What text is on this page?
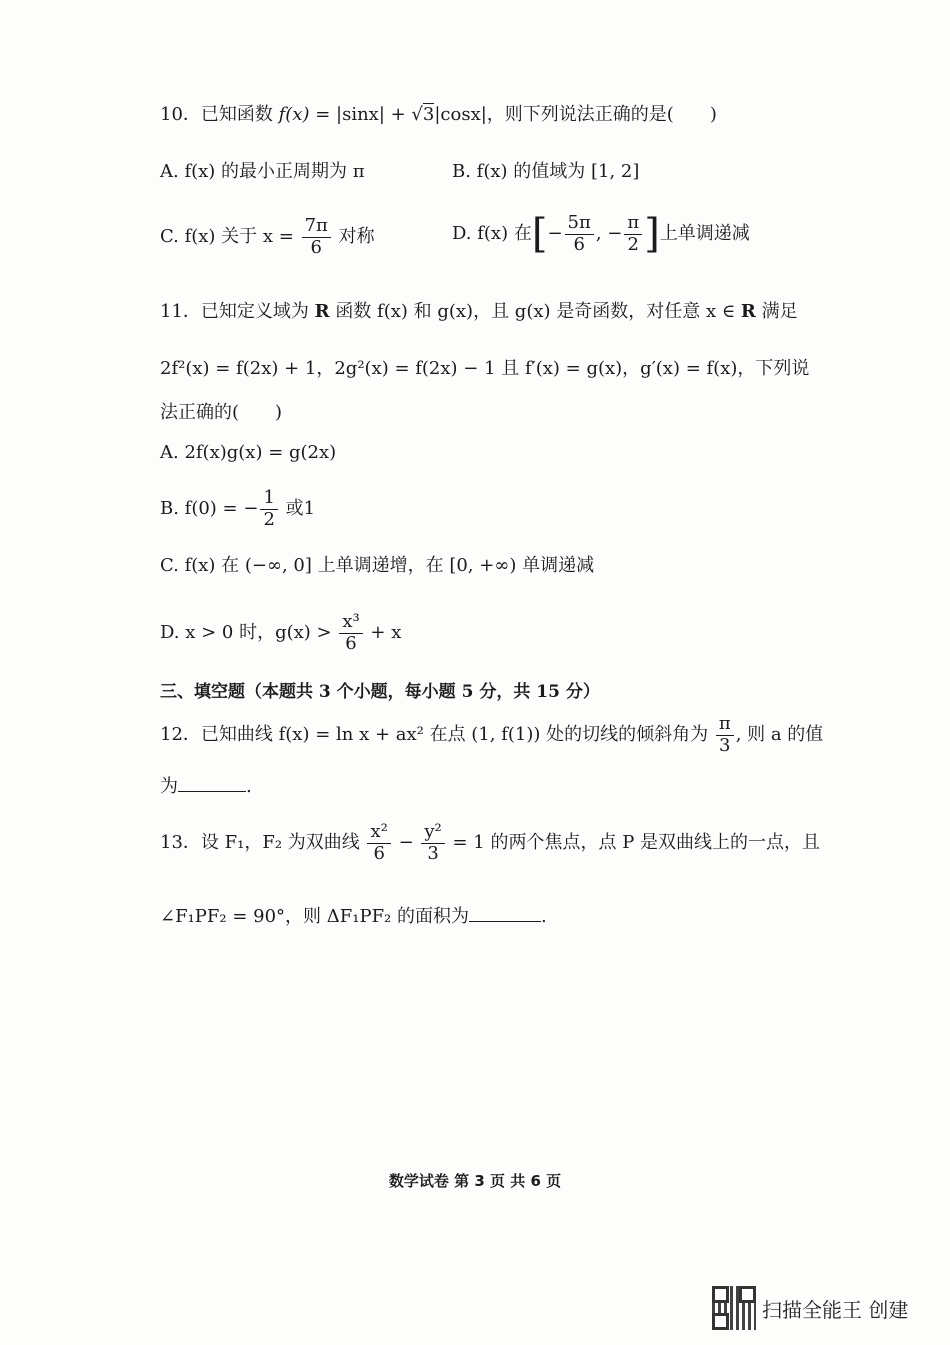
10．已知函数 f(x) = |sinx| + √3|cosx|，则下列说法正确的是(　　)
A. f(x) 的最小正周期为 π	B. f(x) 的值域为 [1, 2]
C. f(x) 关于 $x = \frac{7\pi}{6}$ 对称	D. f(x) 在[− $\frac{5\pi}{6}$ , − $\frac{\pi}{2}$ ]上单调递减
11．已知定义域为 R 函数 f(x) 和 g(x)，且 g(x) 是奇函数，对任意 x ∈ R 满足
2f²(x) = f(2x) + 1，2g²(x) = f(2x) − 1 且 f′(x) = g(x)，g′(x) = f(x)，下列说
法正确的(　　)
A. 2f(x)g(x) = g(2x)
B. f(0) = − $\frac{1}{2}$ 或1
C. f(x) 在 (−∞, 0] 上单调递增，在 [0, +∞) 单调递减
D. x > 0 时，$g(x) > \frac{\text{x³}}{6} + x$
三、填空题（本题共 3 个小题，每小题 5 分，共 15 分）
12．已知曲线 f(x) = ln x + ax² 在点 (1, f(1)) 处的切线的倾斜角为 $\frac{\pi}{3}$ , 则 a 的值
为	.
13．设 F₁，F₂ 为双曲线 $\frac{\text{x²}}{6} - \frac{\text{y²}}{3} = 1$ 的两个焦点，点 P 是双曲线上的一点，且
∠F₁PF₂ = 90°，则 ΔF₁PF₂ 的面积为	.
数学试卷 第 3 页 共 6 页
扫描全能王 创建
